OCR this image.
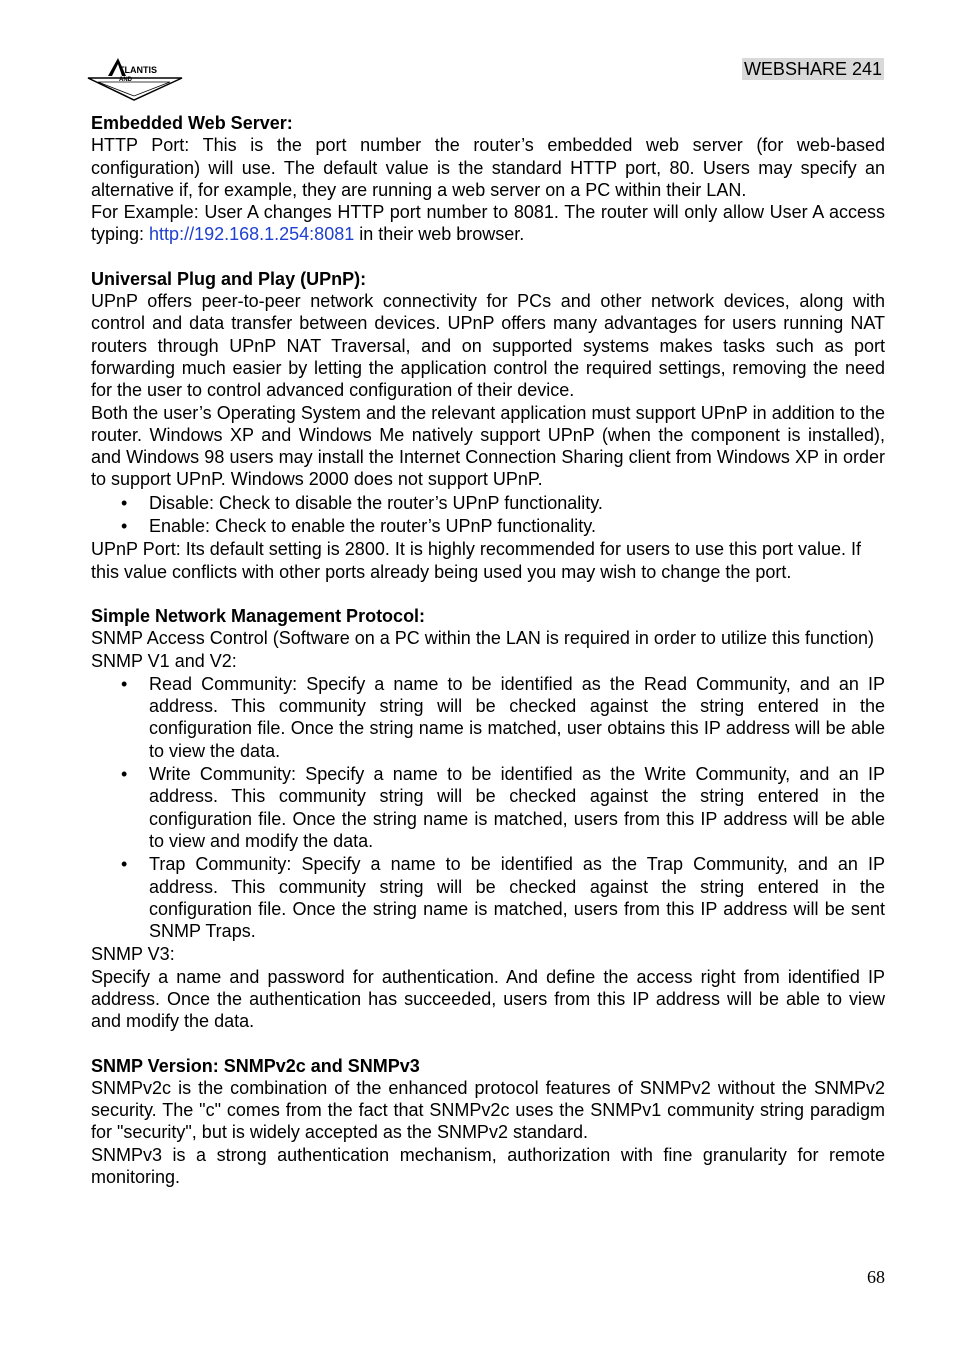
TLANTIS
AND
WEBSHARE 241

Embedded Web Server:

HTTP Port: This is the port number the router’s embedded web server (for web-based configuration) will use. The default value is the standard HTTP port, 80. Users may specify an alternative if, for example, they are running a web server on a PC within their LAN.

For Example: User A changes HTTP port number to 8081. The router will only allow User A access typing: http://192.168.1.254:8081 in their web browser.

Universal Plug and Play (UPnP):

UPnP offers peer-to-peer network connectivity for PCs and other network devices, along with control and data transfer between devices. UPnP offers many advantages for users running NAT routers through UPnP NAT Traversal, and on supported systems makes tasks such as port forwarding much easier by letting the application control the required settings, removing the need for the user to control advanced configuration of their device.

Both the user’s Operating System and the relevant application must support UPnP in addition to the router. Windows XP and Windows Me natively support UPnP (when the component is installed), and Windows 98 users may install the Internet Connection Sharing client from Windows XP in order to support UPnP. Windows 2000 does not support UPnP.

• Disable: Check to disable the router’s UPnP functionality.
• Enable: Check to enable the router’s UPnP functionality.

UPnP Port: Its default setting is 2800. It is highly recommended for users to use this port value. If this value conflicts with other ports already being used you may wish to change the port.

Simple Network Management Protocol:

SNMP Access Control (Software on a PC within the LAN is required in order to utilize this function)

SNMP V1 and V2:

• Read Community: Specify a name to be identified as the Read Community, and an IP address. This community string will be checked against the string entered in the configuration file. Once the string name is matched, user obtains this IP address will be able to view the data.
• Write Community: Specify a name to be identified as the Write Community, and an IP address. This community string will be checked against the string entered in the configuration file. Once the string name is matched, users from this IP address will be able to view and modify the data.
• Trap Community: Specify a name to be identified as the Trap Community, and an IP address. This community string will be checked against the string entered in the configuration file. Once the string name is matched, users from this IP address will be sent SNMP Traps.

SNMP V3:

Specify a name and password for authentication. And define the access right from identified IP address. Once the authentication has succeeded, users from this IP address will be able to view and modify the data.

SNMP Version: SNMPv2c and SNMPv3

SNMPv2c is the combination of the enhanced protocol features of SNMPv2 without the SNMPv2 security. The "c" comes from the fact that SNMPv2c uses the SNMPv1 community string paradigm for "security", but is widely accepted as the SNMPv2 standard.

SNMPv3 is a strong authentication mechanism, authorization with fine granularity for remote monitoring.

68
